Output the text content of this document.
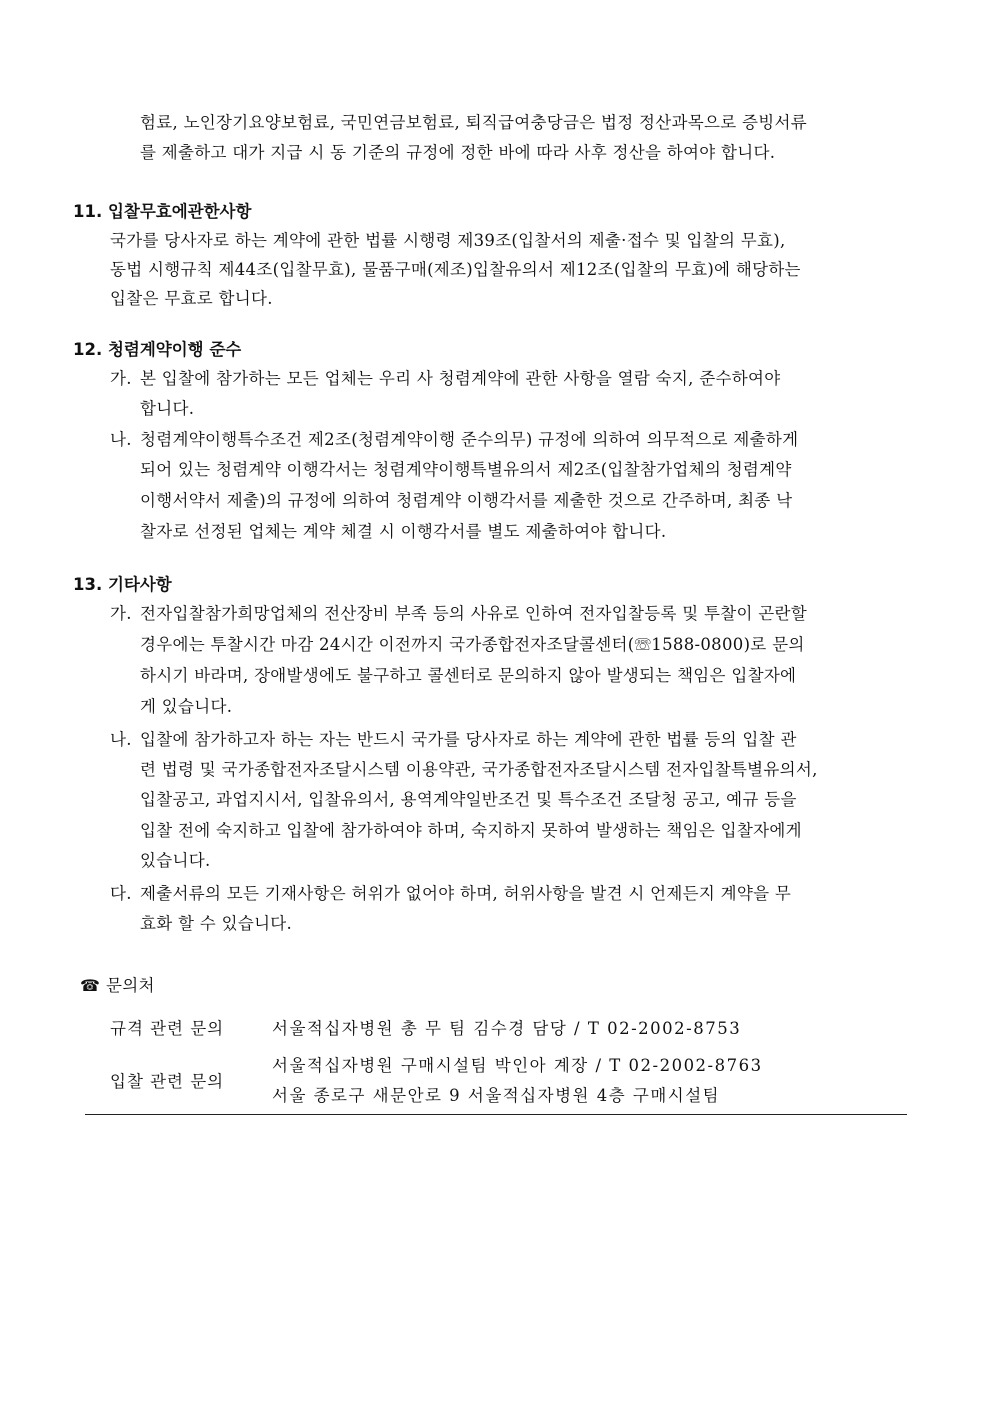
험료, 노인장기요양보험료, 국민연금보험료, 퇴직급여충당금은 법정 정산과목으로 증빙서류
를 제출하고 대가 지급 시 동 기준의 규정에 정한 바에 따라 사후 정산을 하여야 합니다.
11. 입찰무효에관한사항
국가를 당사자로 하는 계약에 관한 법률 시행령 제39조(입찰서의 제출·접수 및 입찰의 무효),
동법 시행규칙 제44조(입찰무효), 물품구매(제조)입찰유의서 제12조(입찰의 무효)에 해당하는
입찰은 무효로 합니다.
12. 청렴계약이행 준수
가. 본 입찰에 참가하는 모든 업체는 우리 사 청렴계약에 관한 사항을 열람 숙지, 준수하여야
합니다.
나. 청렴계약이행특수조건 제2조(청렴계약이행 준수의무) 규정에 의하여 의무적으로 제출하게
되어 있는 청렴계약 이행각서는 청렴계약이행특별유의서 제2조(입찰참가업체의 청렴계약
이행서약서 제출)의 규정에 의하여 청렴계약 이행각서를 제출한 것으로 간주하며, 최종 낙
찰자로 선정된 업체는 계약 체결 시 이행각서를 별도 제출하여야 합니다.
13. 기타사항
가. 전자입찰참가희망업체의 전산장비 부족 등의 사유로 인하여 전자입찰등록 및 투찰이 곤란할
경우에는 투찰시간 마감 24시간 이전까지 국가종합전자조달콜센터(☏1588-0800)로 문의
하시기 바라며, 장애발생에도 불구하고 콜센터로 문의하지 않아 발생되는 책임은 입찰자에
게 있습니다.
나. 입찰에 참가하고자 하는 자는 반드시 국가를 당사자로 하는 계약에 관한 법률 등의 입찰 관
련 법령 및 국가종합전자조달시스템 이용약관, 국가종합전자조달시스템 전자입찰특별유의서,
입찰공고, 과업지시서, 입찰유의서, 용역계약일반조건 및 특수조건 조달청 공고, 예규 등을
입찰 전에 숙지하고 입찰에 참가하여야 하며, 숙지하지 못하여 발생하는 책임은 입찰자에게
있습니다.
다. 제출서류의 모든 기재사항은 허위가 없어야 하며, 허위사항을 발견 시 언제든지 계약을 무
효화 할 수 있습니다.
☎ 문의처
규격 관련 문의	서울적십자병원 총 무 팀 김수경 담당 / T 02-2002-8753
입찰 관련 문의
서울적십자병원 구매시설팀 박인아 계장 / T 02-2002-8763
서울 종로구 새문안로 9 서울적십자병원 4층 구매시설팀
